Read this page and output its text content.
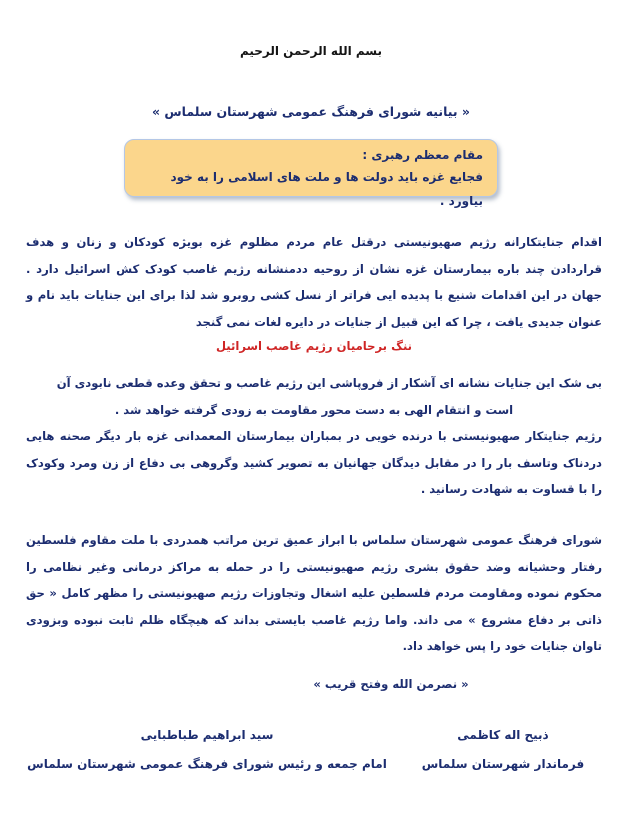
بسم الله الرحمن الرحیم
« بیانیه شورای فرهنگ عمومی شهرستان سلماس »
مقام معظم رهبری :
فجایع غزه باید دولت ها و ملت های اسلامی را به خود بیاورد .
اقدام جنایتکارانه رژیم صهیونیستی درقتل عام مردم مظلوم غزه بویژه کودکان و زنان و هدف قراردادن چند باره بیمارستان غزه نشان از روحیه ددمنشانه رژیم غاصب کودک کش اسرائیل دارد . جهان در این اقدامات شنیع با پدیده ایی فراتر از نسل کشی روبرو شد لذا برای این جنایات باید نام و عنوان جدیدی یافت ، چرا که این قبیل از جنایات در دایره لغات نمی گنجد
ننگ برحامیان رژیم غاصب اسرائیل
بی شک این جنایات نشانه ای آشکار از فروپاشی این رژیم غاصب و تحقق وعده قطعی نابودی آن
است و انتقام الهی به دست محور مقاومت به زودی گرفته خواهد شد .
رژیم جنایتکار صهیونیستی با درنده خویی در بمباران بیمارستان المعمدانی غزه بار دیگر صحنه هایی دردناک وتاسف بار را در مقابل دیدگان جهانیان به تصویر کشید وگروهی بی دفاع از زن ومرد وکودک را با قساوت به شهادت رسانید .
شورای فرهنگ عمومی شهرستان سلماس با ابراز عمیق ترین مراتب همدردی با ملت مقاوم فلسطین رفتار وحشیانه وضد حقوق بشری رژیم صهیونیستی را در حمله به مراکز درمانی وغیر نظامی را محکوم نموده ومقاومت مردم فلسطین علیه اشغال وتجاوزات رژیم صهیونیستی را مظهر کامل « حق ذاتی بر دفاع مشروع » می داند. واما رژیم غاصب بایستی بداند که هیچگاه ظلم ثابت نبوده وبزودی تاوان جنایات خود را پس خواهد داد.
« نصرمن الله وفتح قریب »
ذبیح اله کاظمی
فرماندار شهرستان سلماس
سید ابراهیم طباطبایی
امام جمعه و رئیس شورای فرهنگ عمومی شهرستان سلماس
